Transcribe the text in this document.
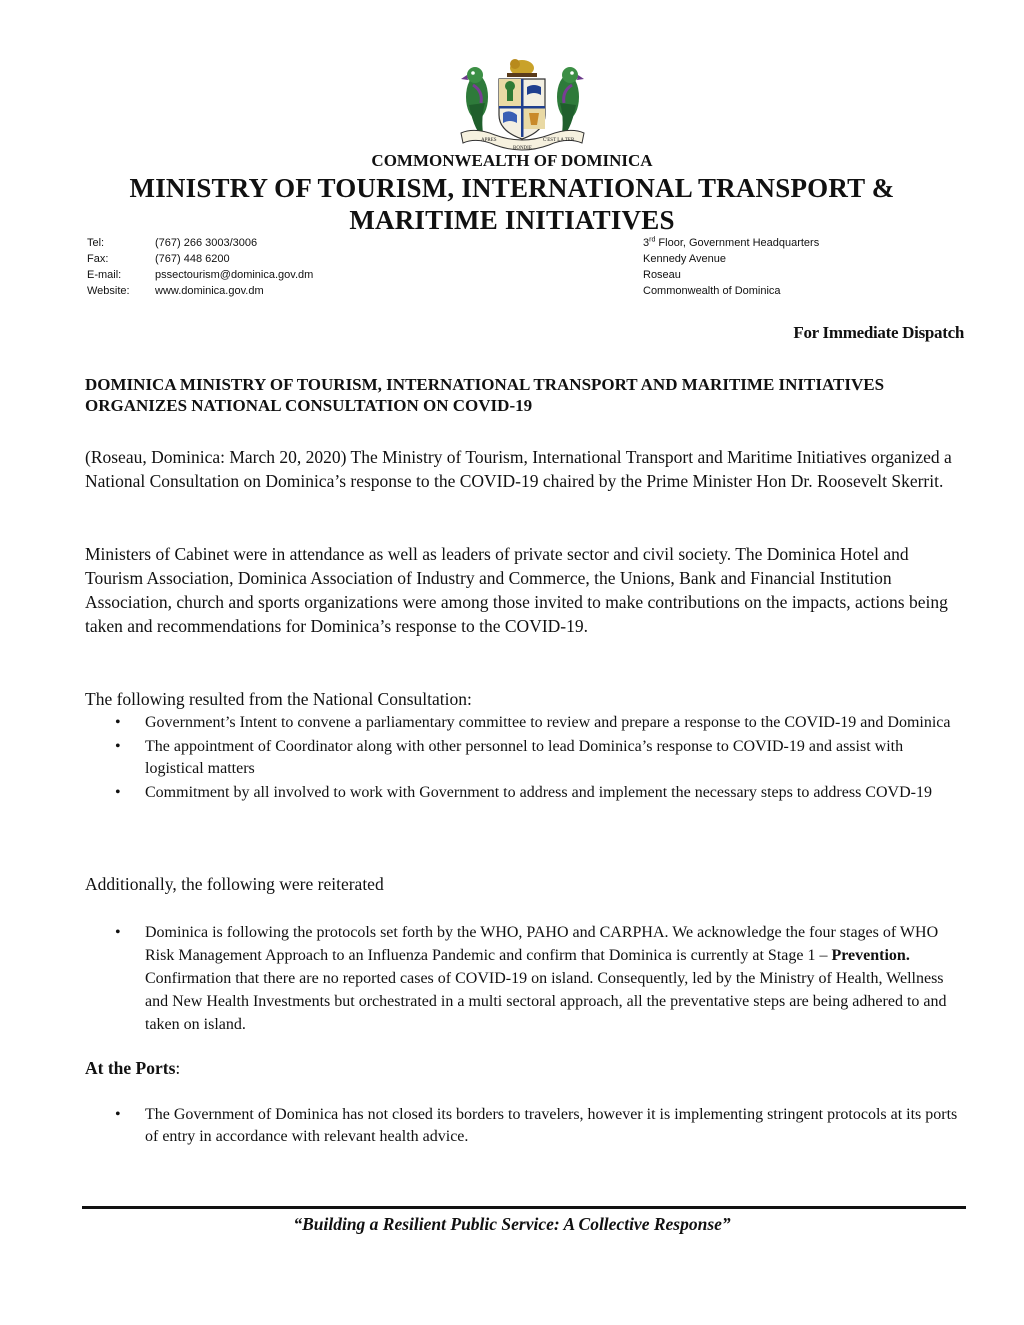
APRES
BONDIE
C'EST LA TER
COMMONWEALTH OF DOMINICA
MINISTRY OF TOURISM, INTERNATIONAL TRANSPORT &
MARITIME INITIATIVES
Tel:
Fax:
E-mail:
Website:
(767) 266 3003/3006
(767) 448 6200
pssectourism@dominica.gov.dm
www.dominica.gov.dm
3rd Floor, Government Headquarters
Kennedy Avenue
Roseau
Commonwealth of Dominica
For Immediate Dispatch
DOMINICA MINISTRY OF TOURISM, INTERNATIONAL TRANSPORT AND MARITIME INITIATIVES ORGANIZES NATIONAL CONSULTATION ON COVID-19
(Roseau, Dominica: March 20, 2020) The Ministry of Tourism, International Transport and Maritime Initiatives organized a National Consultation on Dominica’s response to the COVID-19 chaired by the Prime Minister Hon Dr. Roosevelt Skerrit.
Ministers of Cabinet were in attendance as well as leaders of private sector and civil society. The Dominica Hotel and Tourism Association, Dominica Association of Industry and Commerce, the Unions, Bank and Financial Institution Association, church and sports organizations were among those invited to make contributions on the impacts, actions being taken and recommendations for Dominica’s response to the COVID-19.
The following resulted from the National Consultation:
• Government’s Intent to convene a parliamentary committee to review and prepare a response to the COVID-19 and Dominica
• The appointment of Coordinator along with other personnel to lead Dominica’s response to COVID-19 and assist with logistical matters
• Commitment by all involved to work with Government to address and implement the necessary steps to address COVD-19
Additionally, the following were reiterated
• Dominica is following the protocols set forth by the WHO, PAHO and CARPHA. We acknowledge the four stages of WHO Risk Management Approach to an Influenza Pandemic and confirm that Dominica is currently at Stage 1 – Prevention. Confirmation that there are no reported cases of COVID-19 on island. Consequently, led by the Ministry of Health, Wellness and New Health Investments but orchestrated in a multi sectoral approach, all the preventative steps are being adhered to and taken on island.
At the Ports:
• The Government of Dominica has not closed its borders to travelers, however it is implementing stringent protocols at its ports of entry in accordance with relevant health advice.
“Building a Resilient Public Service: A Collective Response”
